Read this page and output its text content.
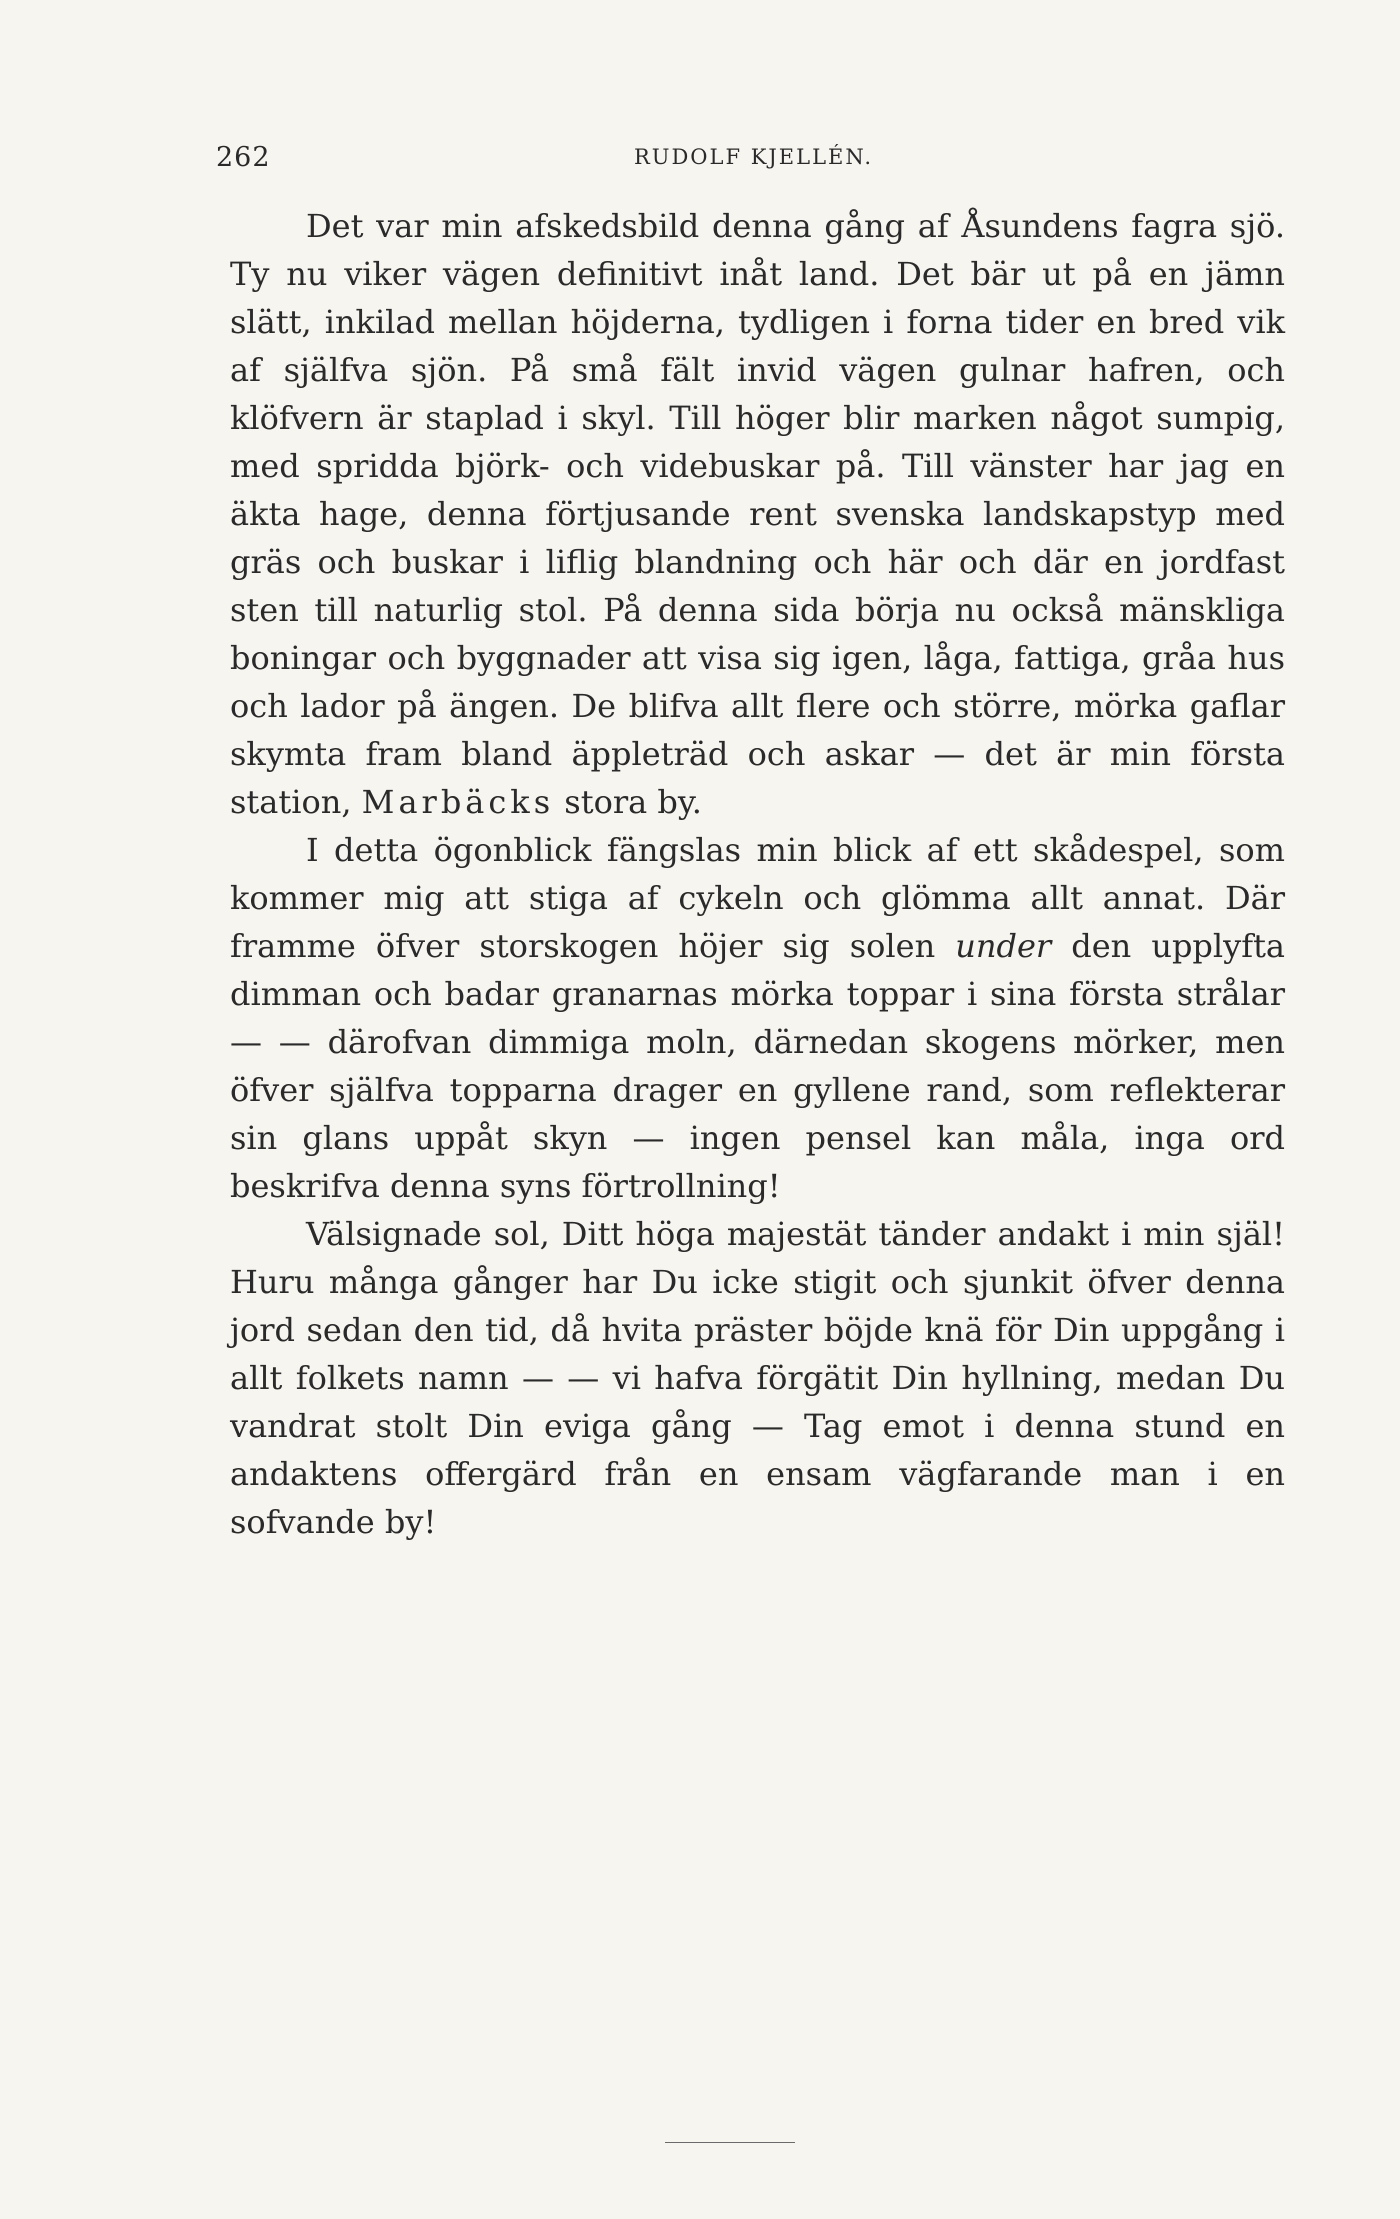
262	RUDOLF KJELLÉN.

Det var min afskedsbild denna gång af Åsundens fagra sjö. Ty nu viker vägen definitivt inåt land. Det bär ut på en jämn slätt, inkilad mellan höjderna, tydligen i forna tider en bred vik af själfva sjön. På små fält invid vägen gulnar hafren, och klöfvern är staplad i skyl. Till höger blir marken något sumpig, med spridda björk- och videbuskar på. Till vänster har jag en äkta hage, denna förtjusande rent svenska landskapstyp med gräs och buskar i liflig blandning och här och där en jordfast sten till naturlig stol. På denna sida börja nu också mänskliga boningar och byggnader att visa sig igen, låga, fattiga, gråa hus och lador på ängen. De blifva allt flere och större, mörka gaflar skymta fram bland äppleträd och askar — det är min första station, Marbäcks stora by.

I detta ögonblick fängslas min blick af ett skådespel, som kommer mig att stiga af cykeln och glömma allt annat. Där framme öfver storskogen höjer sig solen under den upplyfta dimman och badar granarnas mörka toppar i sina första strålar — — därofvan dimmiga moln, därnedan skogens mörker, men öfver själfva topparna drager en gyllene rand, som reflekterar sin glans uppåt skyn — ingen pensel kan måla, inga ord beskrifva denna syns förtrollning!

Välsignade sol, Ditt höga majestät tänder andakt i min själ! Huru många gånger har Du icke stigit och sjunkit öfver denna jord sedan den tid, då hvita präster böjde knä för Din uppgång i allt folkets namn — — vi hafva förgätit Din hyllning, medan Du vandrat stolt Din eviga gång — Tag emot i denna stund en andaktens offergärd från en ensam vägfarande man i en sofvande by!
